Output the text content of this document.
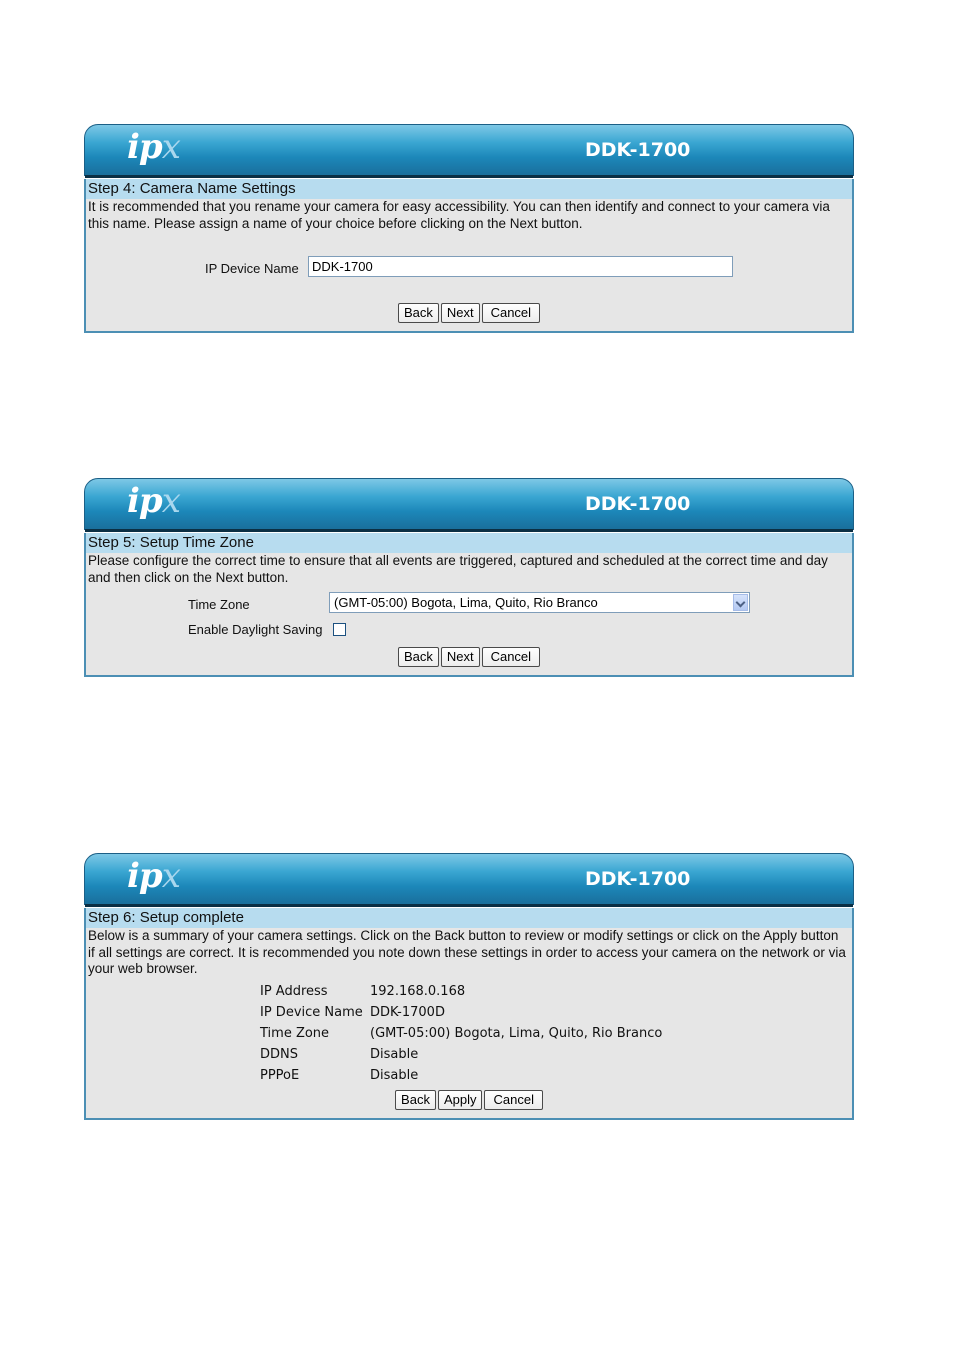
ipx	DDK-1700
Step 4: Camera Name Settings
It is recommended that you rename your camera for easy accessibility. You can then identify and connect to your camera via this name. Please assign a name of your choice before clicking on the Next button.
IP Device Name	DDK-1700
Back Next Cancel
ipx	DDK-1700
Step 5: Setup Time Zone
Please configure the correct time to ensure that all events are triggered, captured and scheduled at the correct time and day and then click on the Next button.
Time Zone	(GMT-05:00) Bogota, Lima, Quito, Rio Branco
Enable Daylight Saving
Back Next Cancel
ipx	DDK-1700
Step 6: Setup complete
Below is a summary of your camera settings. Click on the Back button to review or modify settings or click on the Apply button if all settings are correct. It is recommended you note down these settings in order to access your camera on the network or via your web browser.
IP Address	192.168.0.168
IP Device Name DDK-1700D
Time Zone	(GMT-05:00) Bogota, Lima, Quito, Rio Branco
DDNS	Disable
PPPoE	Disable
Back Apply Cancel
